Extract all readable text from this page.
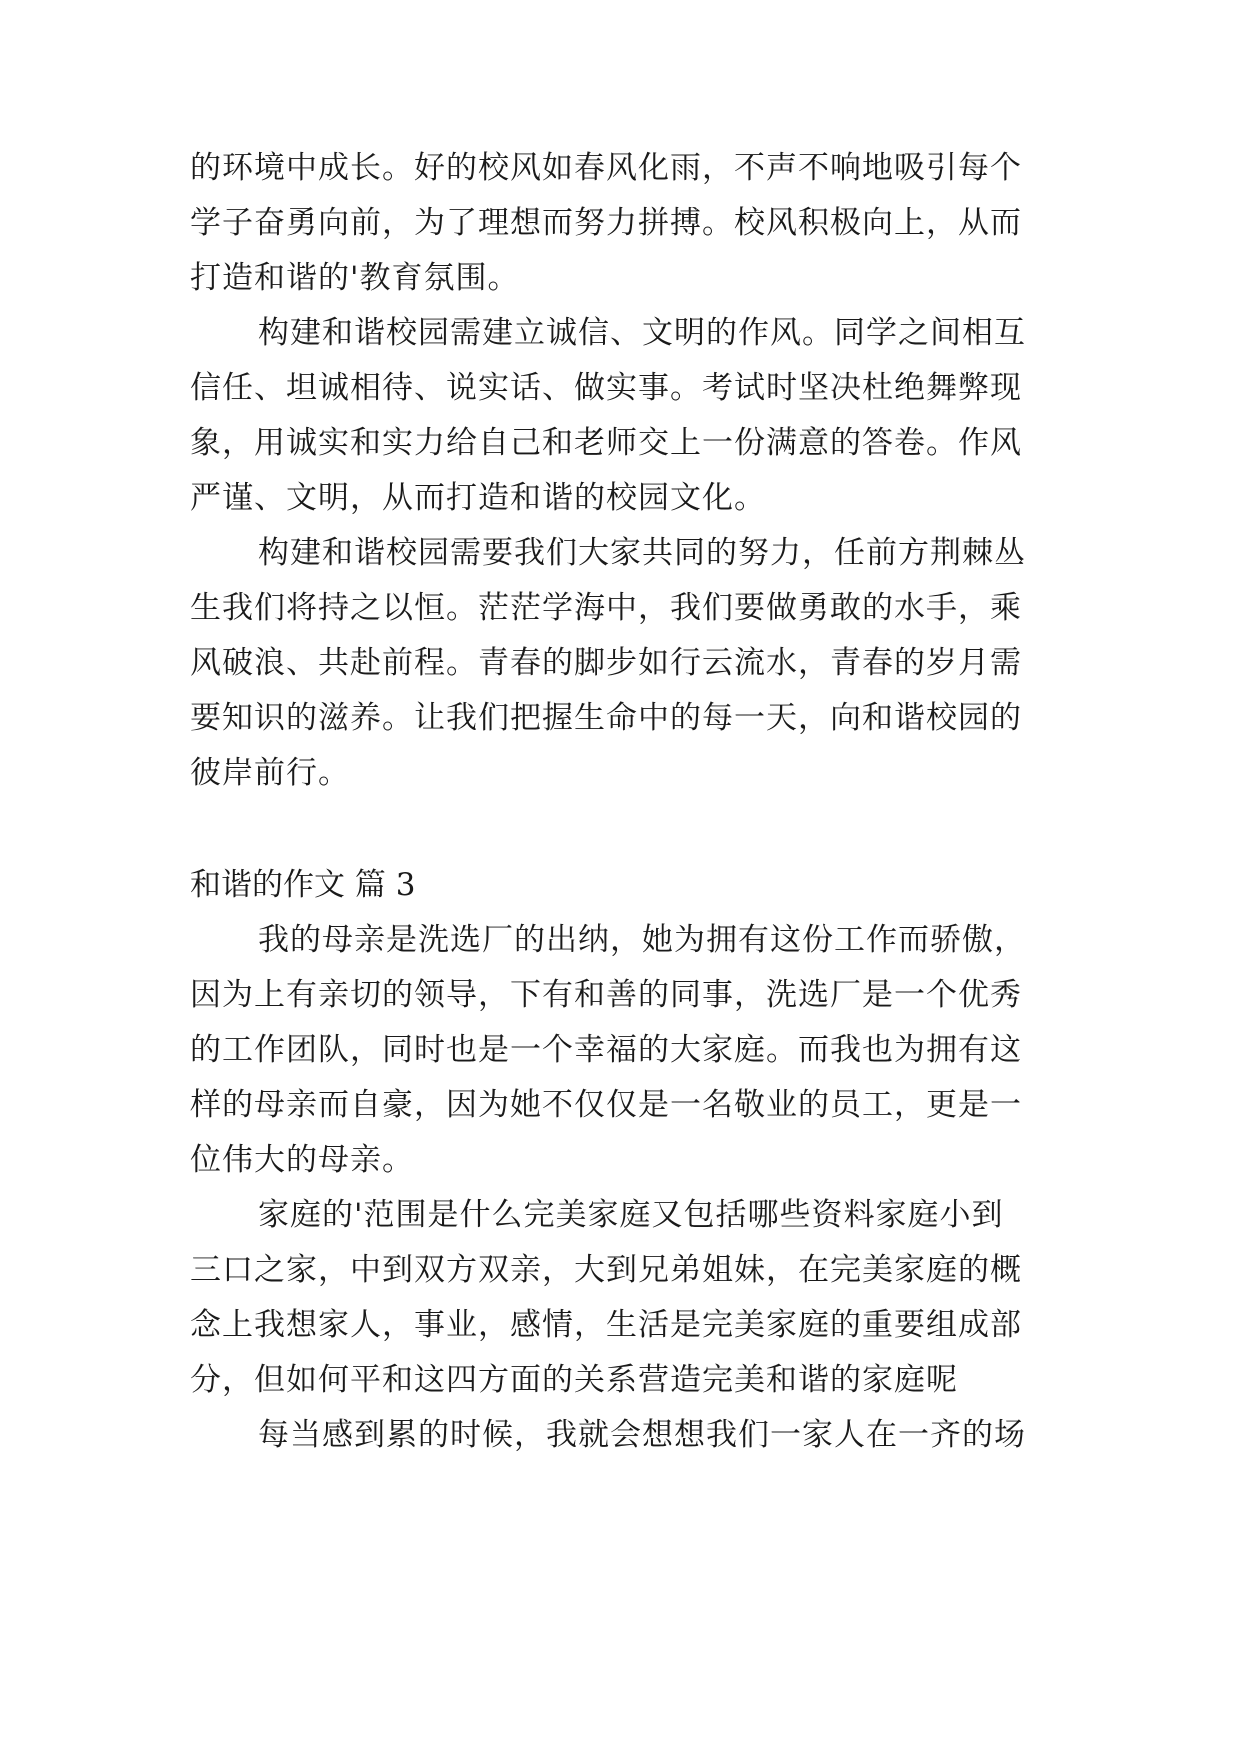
的环境中成长。好的校风如春风化雨，不声不响地吸引每个
学子奋勇向前，为了理想而努力拼搏。校风积极向上，从而
打造和谐的'教育氛围。
构建和谐校园需建立诚信、文明的作风。同学之间相互
信任、坦诚相待、说实话、做实事。考试时坚决杜绝舞弊现
象，用诚实和实力给自己和老师交上一份满意的答卷。作风
严谨、文明，从而打造和谐的校园文化。
构建和谐校园需要我们大家共同的努力，任前方荆棘丛
生我们将持之以恒。茫茫学海中，我们要做勇敢的水手，乘
风破浪、共赴前程。青春的脚步如行云流水，青春的岁月需
要知识的滋养。让我们把握生命中的每一天，向和谐校园的
彼岸前行。
和谐的作文 篇 3
我的母亲是洗选厂的出纳，她为拥有这份工作而骄傲，
因为上有亲切的领导，下有和善的同事，洗选厂是一个优秀
的工作团队，同时也是一个幸福的大家庭。而我也为拥有这
样的母亲而自豪，因为她不仅仅是一名敬业的员工，更是一
位伟大的母亲。
家庭的'范围是什么完美家庭又包括哪些资料家庭小到
三口之家，中到双方双亲，大到兄弟姐妹，在完美家庭的概
念上我想家人，事业，感情，生活是完美家庭的重要组成部
分，但如何平和这四方面的关系营造完美和谐的家庭呢
每当感到累的时候，我就会想想我们一家人在一齐的场
